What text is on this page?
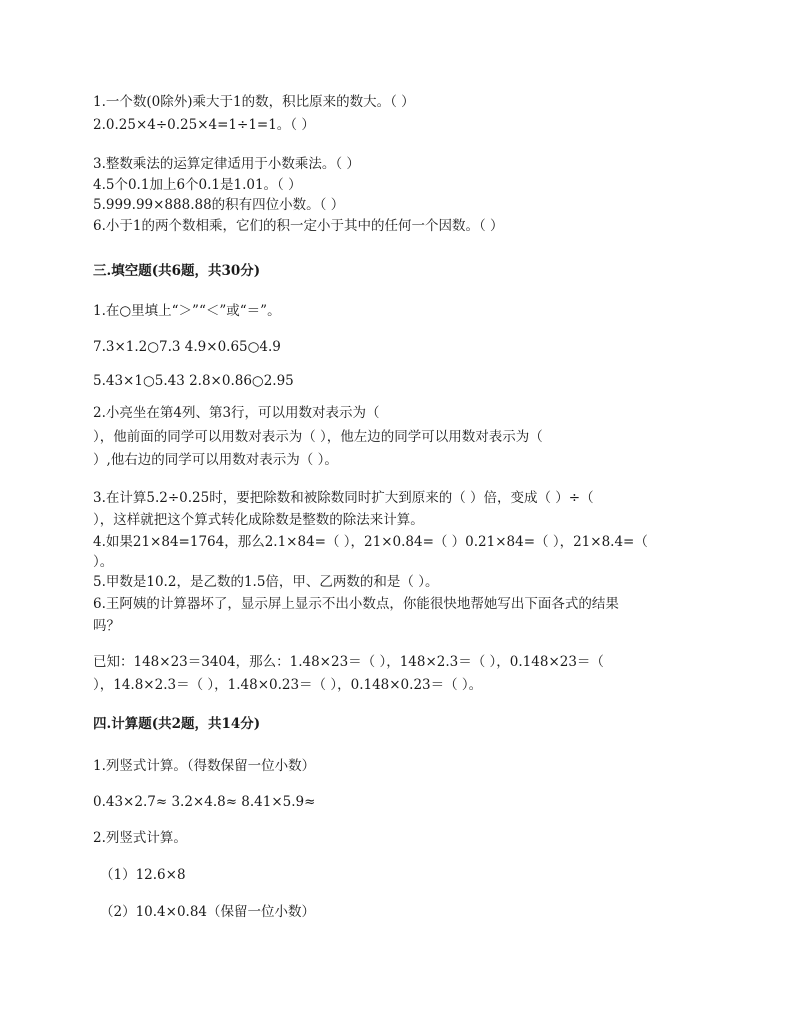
1.一个数(0除外)乘大于1的数，积比原来的数大。（ ）
2.0.25×4÷0.25×4=1÷1=1。（ ）
3.整数乘法的运算定律适用于小数乘法。（ ）
4.5个0.1加上6个0.1是1.01。（ ）
5.999.99×888.88的积有四位小数。（ ）
6.小于1的两个数相乘，它们的积一定小于其中的任何一个因数。（ ）
三.填空题(共6题，共30分)
1.在○里填上“＞”“＜”或“＝”。
7.3×1.2○7.3 4.9×0.65○4.9
5.43×1○5.43 2.8×0.86○2.95
2.小亮坐在第4列、第3行，可以用数对表示为（
），他前面的同学可以用数对表示为（ ），他左边的同学可以用数对表示为（
）,他右边的同学可以用数对表示为（ ）。
3.在计算5.2÷0.25时，要把除数和被除数同时扩大到原来的（ ）倍，变成（ ）÷（
），这样就把这个算式转化成除数是整数的除法来计算。
4.如果21×84=1764，那么2.1×84=（ ），21×0.84=（ ）0.21×84=（ ），21×8.4=（
）。
5.甲数是10.2，是乙数的1.5倍，甲、乙两数的和是（ ）。
6.王阿姨的计算器坏了，显示屏上显示不出小数点，你能很快地帮她写出下面各式的结果
吗？
已知：148×23＝3404，那么：1.48×23＝（ ），148×2.3＝（ ），0.148×23＝（
），14.8×2.3＝（ ），1.48×0.23＝（ ），0.148×0.23＝（ ）。
四.计算题(共2题，共14分)
1.列竖式计算。（得数保留一位小数）
0.43×2.7≈ 3.2×4.8≈ 8.41×5.9≈
2.列竖式计算。
（1）12.6×8
（2）10.4×0.84（保留一位小数）
